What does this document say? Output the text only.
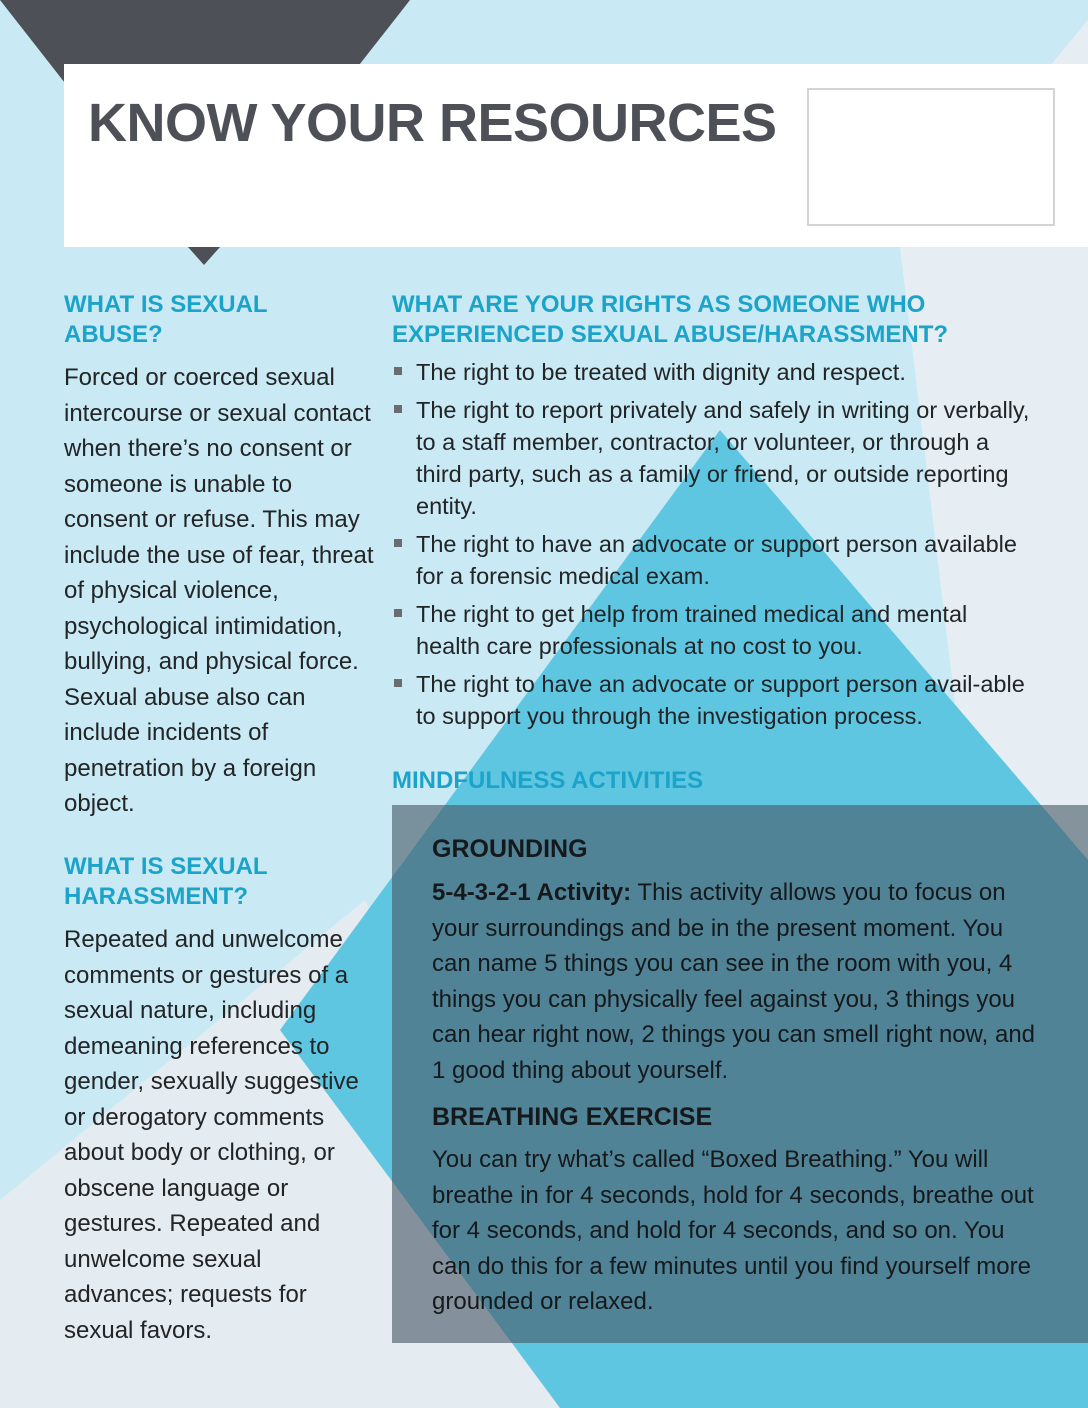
KNOW YOUR RESOURCES
Calling, Mas...
WHAT IS SEXUAL ABUSE?

Forced or coerced sexual intercourse or sexual contact when there’s no consent or someone is unable to consent or refuse. This may include the use of fear, threat of physical violence, psychological intimidation, bullying, and physical force. Sexual abuse also can include incidents of penetration by a foreign object.

WHAT IS SEXUAL HARASSMENT?

Repeated and unwelcome comments or gestures of a sexual nature, including demeaning references to gender, sexually suggestive or derogatory comments about body or clothing, or obscene language or gestures. Repeated and unwelcome sexual advances; requests for sexual favors.

WHAT ARE YOUR RIGHTS AS SOMEONE WHO EXPERIENCED SEXUAL ABUSE/HARASSMENT?
The right to be treated with dignity and respect.
The right to report privately and safely in writing or verbally, to a staff member, contractor, or volunteer, or through a third party, such as a family or friend, or outside reporting entity.
The right to have an advocate or support person available for a forensic medical exam.
The right to get help from trained medical and mental health care professionals at no cost to you.
The right to have an advocate or support person avail-able to support you through the investigation process.
MINDFULNESS ACTIVITIES
GROUNDING

5-4-3-2-1 Activity: This activity allows you to focus on your surroundings and be in the present moment. You can name 5 things you can see in the room with you, 4 things you can physically feel against you, 3 things you can hear right now, 2 things you can smell right now, and 1 good thing about yourself.

BREATHING EXERCISE

You can try what’s called “Boxed Breathing.” You will breathe in for 4 seconds, hold for 4 seconds, breathe out for 4 seconds, and hold for 4 seconds, and so on. You can do this for a few minutes until you find yourself more grounded or relaxed.
